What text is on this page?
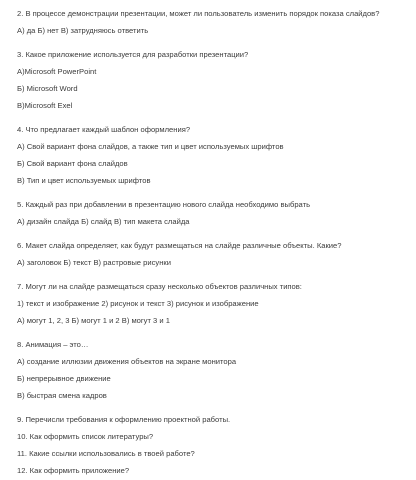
2. В процессе демонстрации презентации, может ли пользователь изменить порядок показа слайдов?
А) да Б) нет В) затрудняюсь ответить
3. Какое приложение используется для разработки презентации?
A)Microsoft PowerPoint
Б) Microsoft Word
В)Microsoft Exel
4. Что предлагает каждый шаблон оформления?
А) Свой вариант фона слайдов, а также тип и цвет используемых шрифтов
Б) Свой вариант фона слайдов
В) Тип и цвет используемых шрифтов
5. Каждый раз при добавлении в презентацию нового слайда необходимо выбрать
А) дизайн слайда Б) слайд В) тип макета слайда
6. Макет слайда определяет, как будут размещаться на слайде различные объекты. Какие?
А) заголовок Б) текст В) растровые рисунки
7. Могут ли на слайде размещаться сразу несколько объектов различных типов:
1) текст и изображение 2) рисунок и текст 3) рисунок и изображение
А) могут 1, 2, 3 Б) могут 1 и 2 В) могут 3 и 1
8. Анимация – это…
А) создание иллюзии движения объектов на экране монитора
Б) непрерывное движение
В) быстрая смена кадров
9. Перечисли требования к оформлению проектной работы.
10. Как оформить список литературы?
11. Какие ссылки использовались в твоей работе?
12. Как оформить приложение?
